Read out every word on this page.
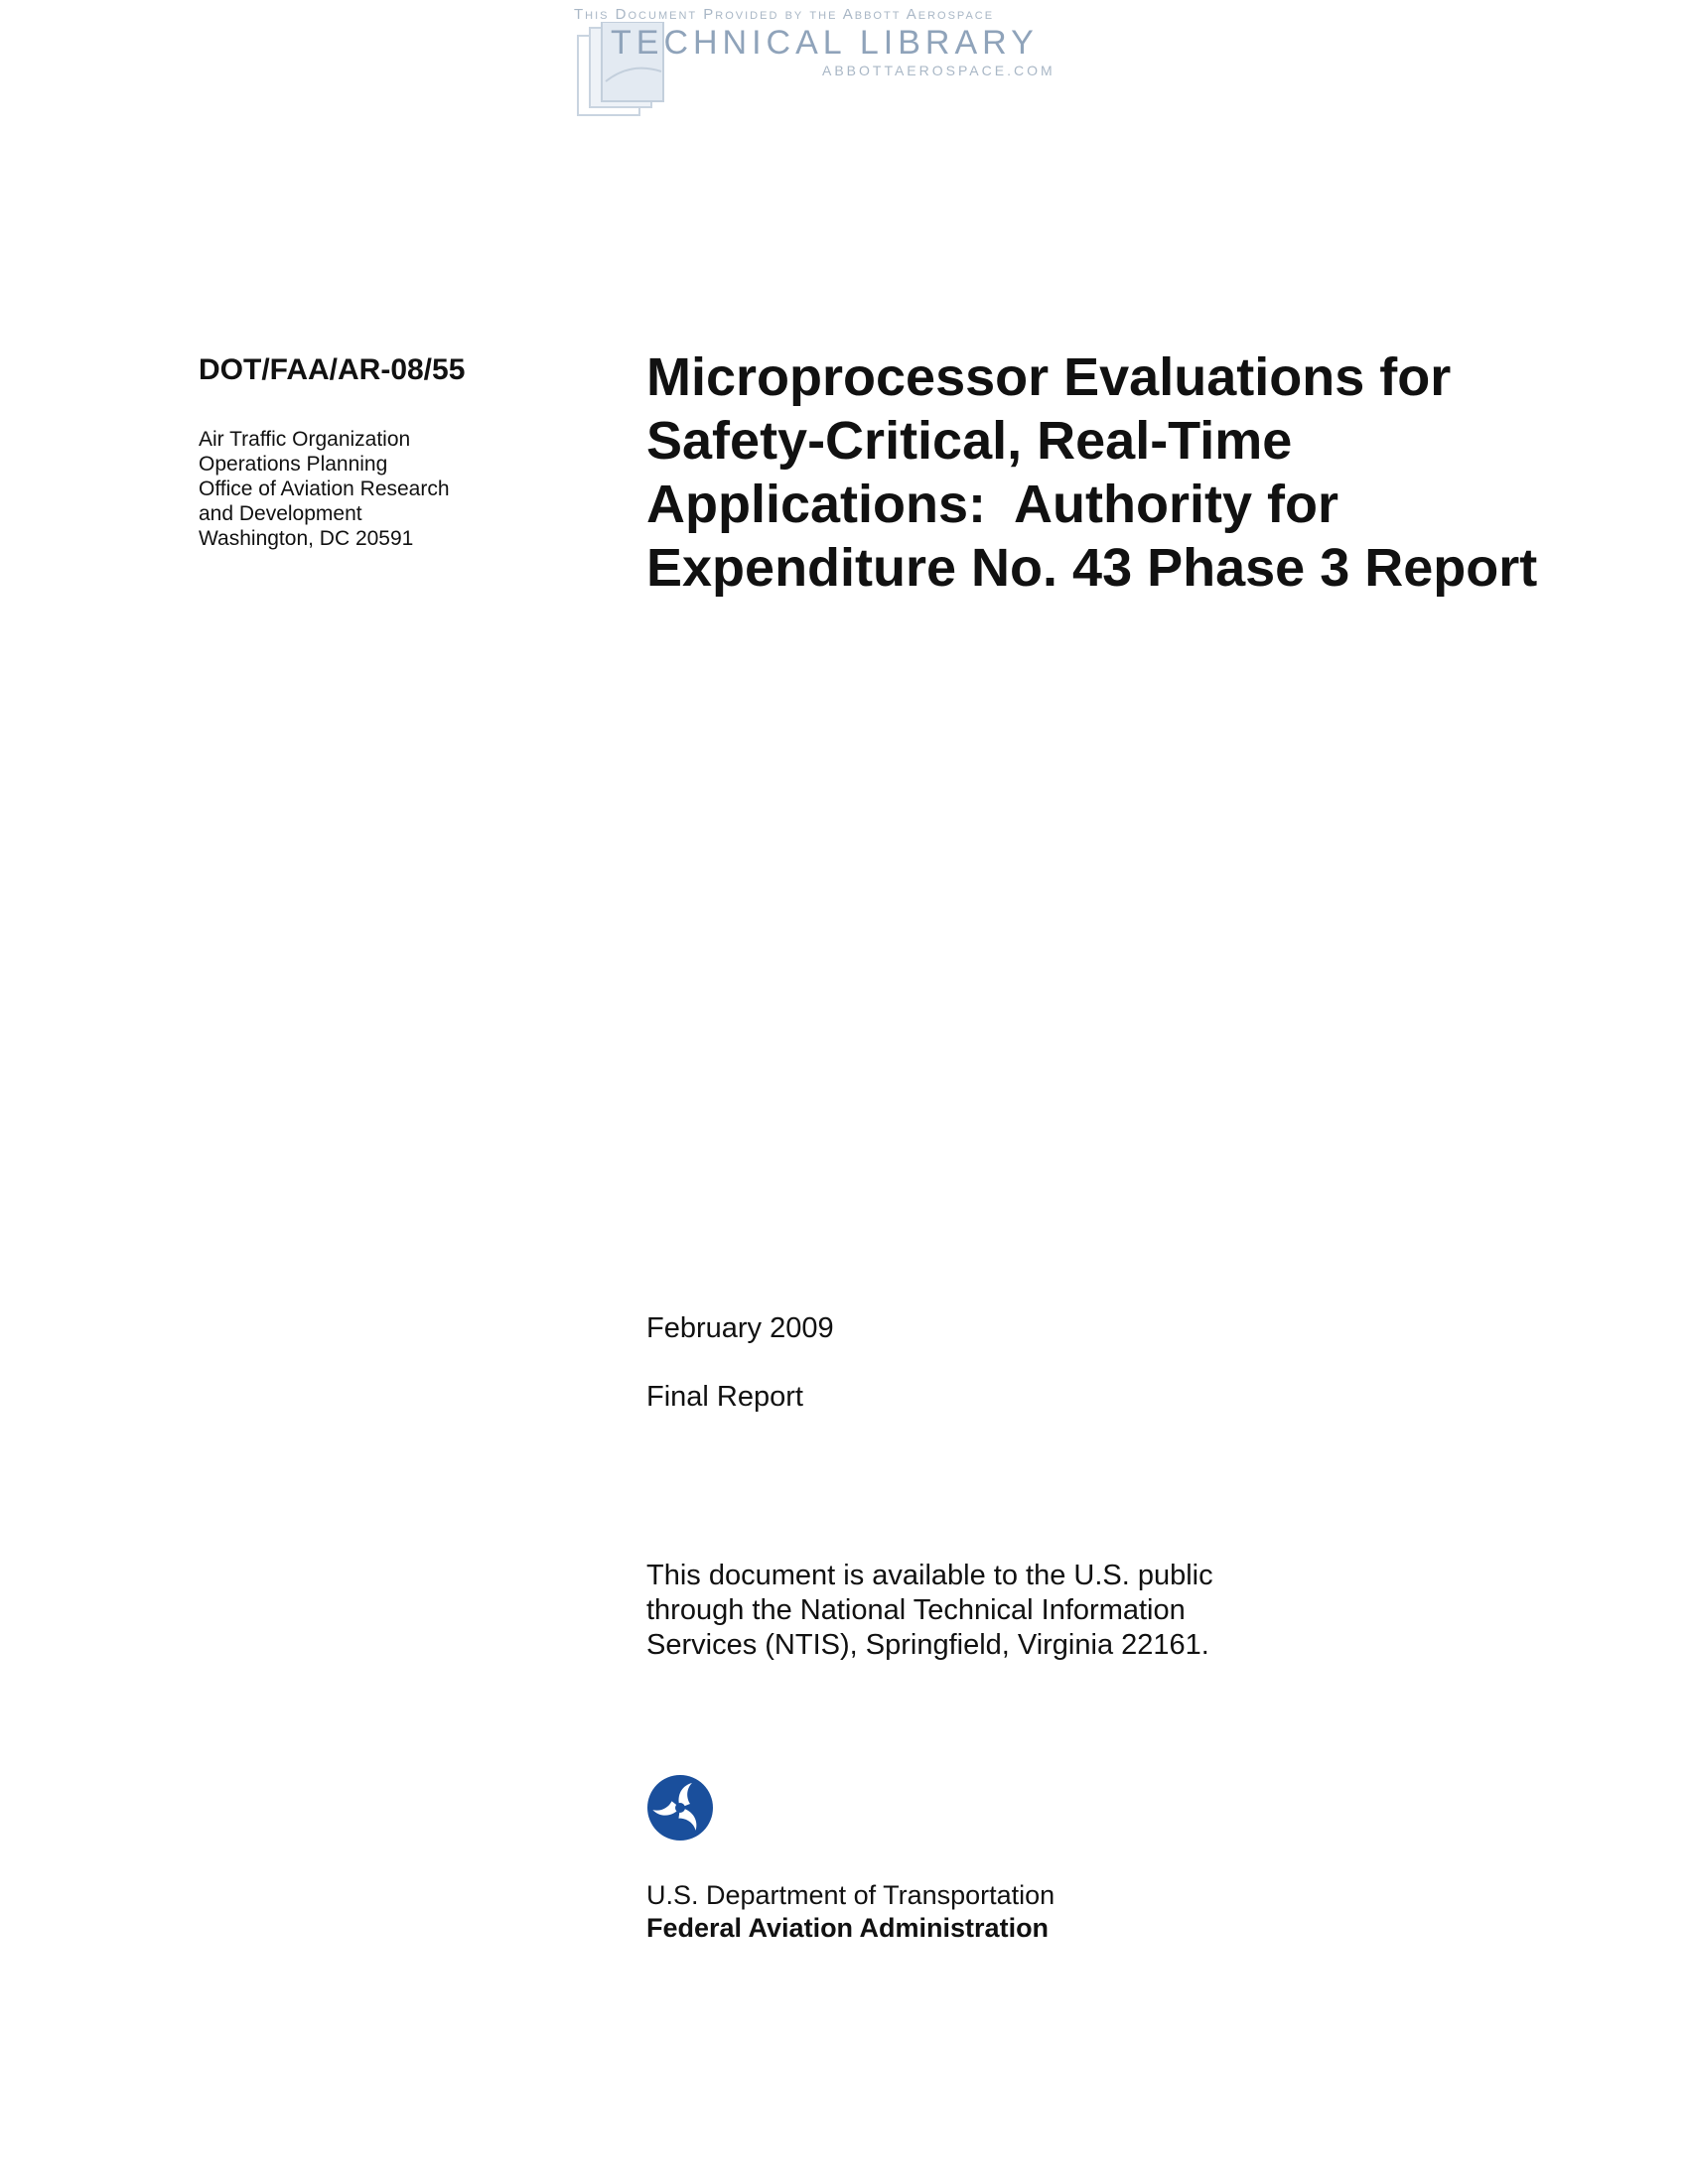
This Document Provided by the Abbott Aerospace
TECHNICAL LIBRARY
ABBOTTAEROSPACE.COM
DOT/FAA/AR-08/55
Air Traffic Organization
Operations Planning
Office of Aviation Research
and Development
Washington, DC 20591
Microprocessor Evaluations for
Safety-Critical, Real-Time
Applications:  Authority for
Expenditure No. 43 Phase 3 Report
February 2009
Final Report
This document is available to the U.S. public
through the National Technical Information
Services (NTIS), Springfield, Virginia 22161.
U.S. Department of Transportation
Federal Aviation Administration
